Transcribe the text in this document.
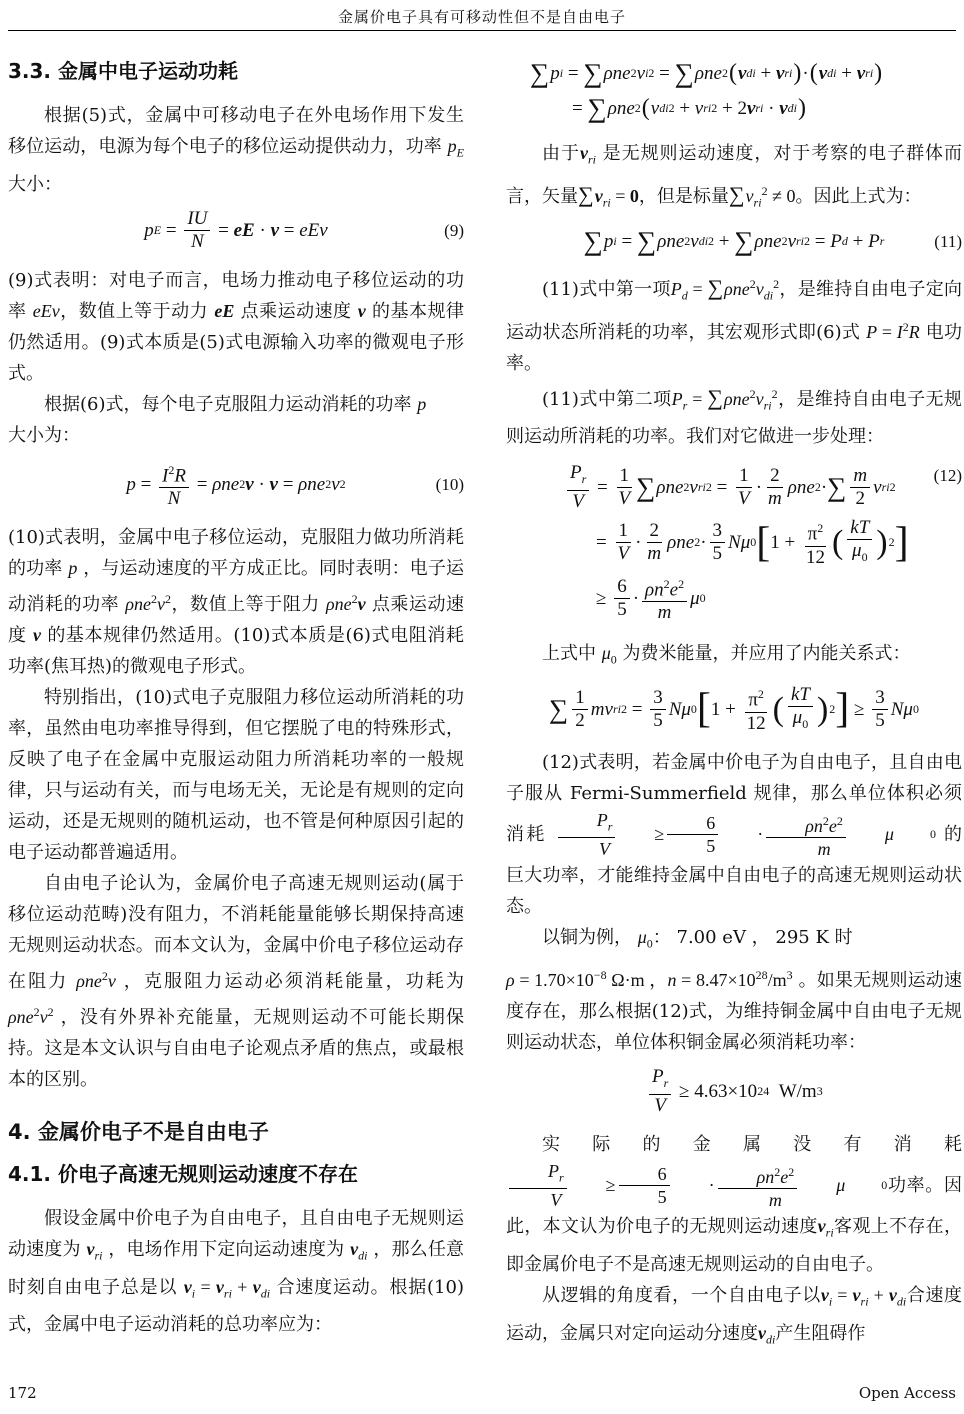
金属价电子具有可移动性但不是自由电子
3.3. 金属中电子运动功耗

根据(5)式，金属中可移动电子在外电场作用下发生移位运动，电源为每个电子的移位运动提供动力，功率 $p_E$ 大小：

p $E = \frac{IU}{N}$ = eE · v = eEv	(9)

(9)式表明：对电子而言，电场力推动电子移位运动的功率 eEv，数值上等于动力 eE 点乘运动速度 v 的基本规律仍然适用。(9)式本质是(5)式电源输入功率的微观电子形式。

根据(6)式，每个电子克服阻力运动消耗的功率 p
大小为：

$p = \frac{I^2R}{N} = \rho ne$ 2 v · v = ρne 2 v 2	(10)

(10)式表明，金属中电子移位运动，克服阻力做功所消耗的功率 p ，与运动速度的平方成正比。同时表明：电子运动消耗的功率 $\rho ne^2v^2$，数值上等于阻力 ρne$^2$v 点乘运动速度 v 的基本规律仍然适用。(10)式本质是(6)式电阻消耗功率(焦耳热)的微观电子形式。

特别指出，(10)式电子克服阻力移位运动所消耗的功率，虽然由电功率推导得到，但它摆脱了电的特殊形式，反映了电子在金属中克服运动阻力所消耗功率的一般规律，只与运动有关，而与电场无关，无论是有规则的定向运动，还是无规则的随机运动，也不管是何种原因引起的电子运动都普遍适用。

自由电子论认为，金属价电子高速无规则运动(属于移位运动范畴)没有阻力，不消耗能量能够长期保持高速无规则运动状态。而本文认为，金属中价电子移位运动存在阻力 ρne$^2$v ，克服阻力运动必须消耗能量，功耗为 $\rho ne^2v^2$ ，没有外界补充能量，无规则运动不可能长期保持。这是本文认识与自由电子论观点矛盾的焦点，或最根本的区别。

4. 金属价电子不是自由电子
4.1. 价电子高速无规则运动速度不存在

假设金属中价电子为自由电子，且自由电子无规则运动速度为 $v_{ri}$ ，电场作用下定向运动速度为 $v_{di}$ ，那么任意时刻自由电子总是以 $v_i = v_{ri} + v_{di}$ 合速度运动。根据(10)式，金属中电子运动消耗的总功率应为：

∑ p i = ∑ ρne 2 v i 2 = ∑ ρne 2 ( v di + v ri ) · ( v di + v ri )
= ∑ ρne 2 ( v di 2 + v ri 2 + 2 v ri · v di )

由于$v_{ri}$ 是无规则运动速度，对于考察的电子群体而言，矢量$\sum v_{ri} = 0$，但是标量$\sum v_{ri}^2 \ne 0$。因此上式为：

∑ p i = ∑ ρne 2 v di 2 + ∑ ρne 2 v ri 2 = P d + P r	(11)

(11)式中第一项$P_d = \sum\rho ne^2v_{di}^2$，是维持自由电子定向运动状态所消耗的功率，其宏观形式即(6)式 $P = I^2R$ 电功率。

(11)式中第二项$P_r = \sum\rho ne^2v_{ri}^2$，是维持自由电子无规则运动所消耗的功率。我们对它做进一步处理：

$\frac{P_r}{V} = \frac{1}{V}$ ∑ ρne 2 v ri $2 = \frac{1}{V} \cdot \frac{2}{m}$ ρne 2 · ∑ $\frac{m}{2}$ v ri 2
= $\frac{1}{V} \cdot \frac{2}{m}$ ρne $2 \cdot \frac{3}{5}$ Nμ 0 [ $1 + \frac{\pi^2}{12}$ ( $\frac{kT}{\mu_0}$ ) 2 ]
≥ $\frac{6}{5} \cdot \frac{\rho n^2e^2}{m}$ μ 0
(12)

上式中 $\mu_0$ 为费米能量，并应用了内能关系式：

∑ $\frac{1}{2}$ mv ri $2 = \frac{3}{5}$ Nμ 0 [ $1 + \frac{\pi^2}{12}$ ( $\frac{kT}{\mu_0}$ ) 2 ] ≥ $\frac{3}{5}$ Nμ 0

(12)式表明，若金属中价电子为自由电子，且自由电子服从 Fermi-Summerfield 规律，那么单位体积必须消耗 $\frac{P_r}{V} \ge \frac{6}{5} \cdot \frac{\rho n^2e^2}{m}$	μ	0 的巨大功率，才能维持金属中自由电子的高速无规则运动状态。

以铜为例， $\mu_0$： 7.00 eV ， 295 K 时
$\rho = 1.70\times 10^{-8}$ Ω·m ，$n = 8.47\times 10^{28}/m^3$ 。如果无规则运动速度存在，那么根据(12)式，为维持铜金属中自由电子无规则运动状态，单位体积铜金属必须消耗功率：

$\frac{P_r}{V}$
≥ 4.63×10 24
W/m 3

实际的金属没有消耗
$\frac{P_r}{V} \ge \frac{6}{5} \cdot \frac{\rho n^2e^2}{m}$	μ	0 功率。因此，本文认为价电子的无规则运动速度$v_{ri}$客观上不存在，即金属价电子不是高速无规则运动的自由电子。

从逻辑的角度看，一个自由电子以$v_i = v_{ri} + v_{di}$合速度运动，金属只对定向运动分速度$v_{di}$产生阻碍作

172	Open Access
